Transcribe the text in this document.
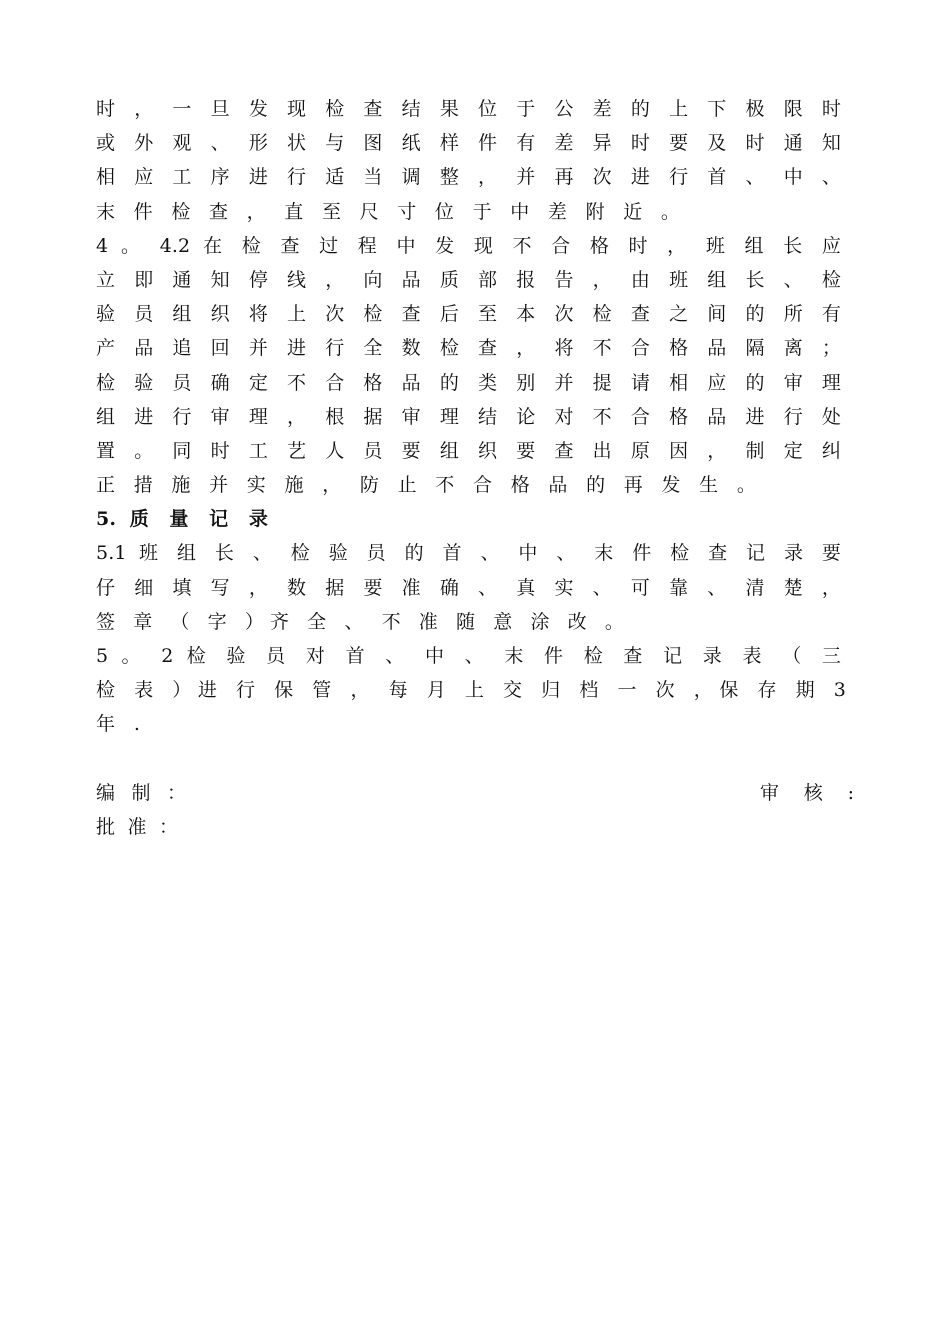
时 ， 一 旦 发 现 检 查 结 果 位 于 公 差 的 上 下 极 限 时
或 外 观 、 形 状 与 图 纸 样 件 有 差 异 时 要 及 时 通 知
相 应 工 序 进 行 适 当 调 整 ， 并 再 次 进 行 首 、 中 、
末 件 检 查 ， 直 至 尺 寸 位 于 中 差 附 近 。
4 。 4.2 在 检 查 过 程 中 发 现 不 合 格 时 ， 班 组 长 应
立 即 通 知 停 线 ， 向 品 质 部 报 告 ， 由 班 组 长 、 检
验 员 组 织 将 上 次 检 查 后 至 本 次 检 查 之 间 的 所 有
产 品 追 回 并 进 行 全 数 检 查 ， 将 不 合 格 品 隔 离 ；
检 验 员 确 定 不 合 格 品 的 类 别 并 提 请 相 应 的 审 理
组 进 行 审 理 ， 根 据 审 理 结 论 对 不 合 格 品 进 行 处
置 。 同 时 工 艺 人 员 要 组 织 要 查 出 原 因 ， 制 定 纠
正 措 施 并 实 施 ， 防 止 不 合 格 品 的 再 发 生 。
5. 质 量 记 录
5.1 班 组 长 、 检 验 员 的 首 、 中 、 末 件 检 查 记 录 要
仔 细 填 写 ， 数 据 要 准 确 、 真 实 、 可 靠 、 清 楚 ，
签 章 （ 字 ）齐 全 、 不 准 随 意 涂 改 。
5 。 2 检 验 员 对 首 、 中 、 末 件 检 查 记 录 表 （ 三
检 表 ）进 行 保 管 ， 每 月 上 交 归 档 一 次 ，保 存 期 3
年 .
编 制 ：	审 核 :
批 准 ：
